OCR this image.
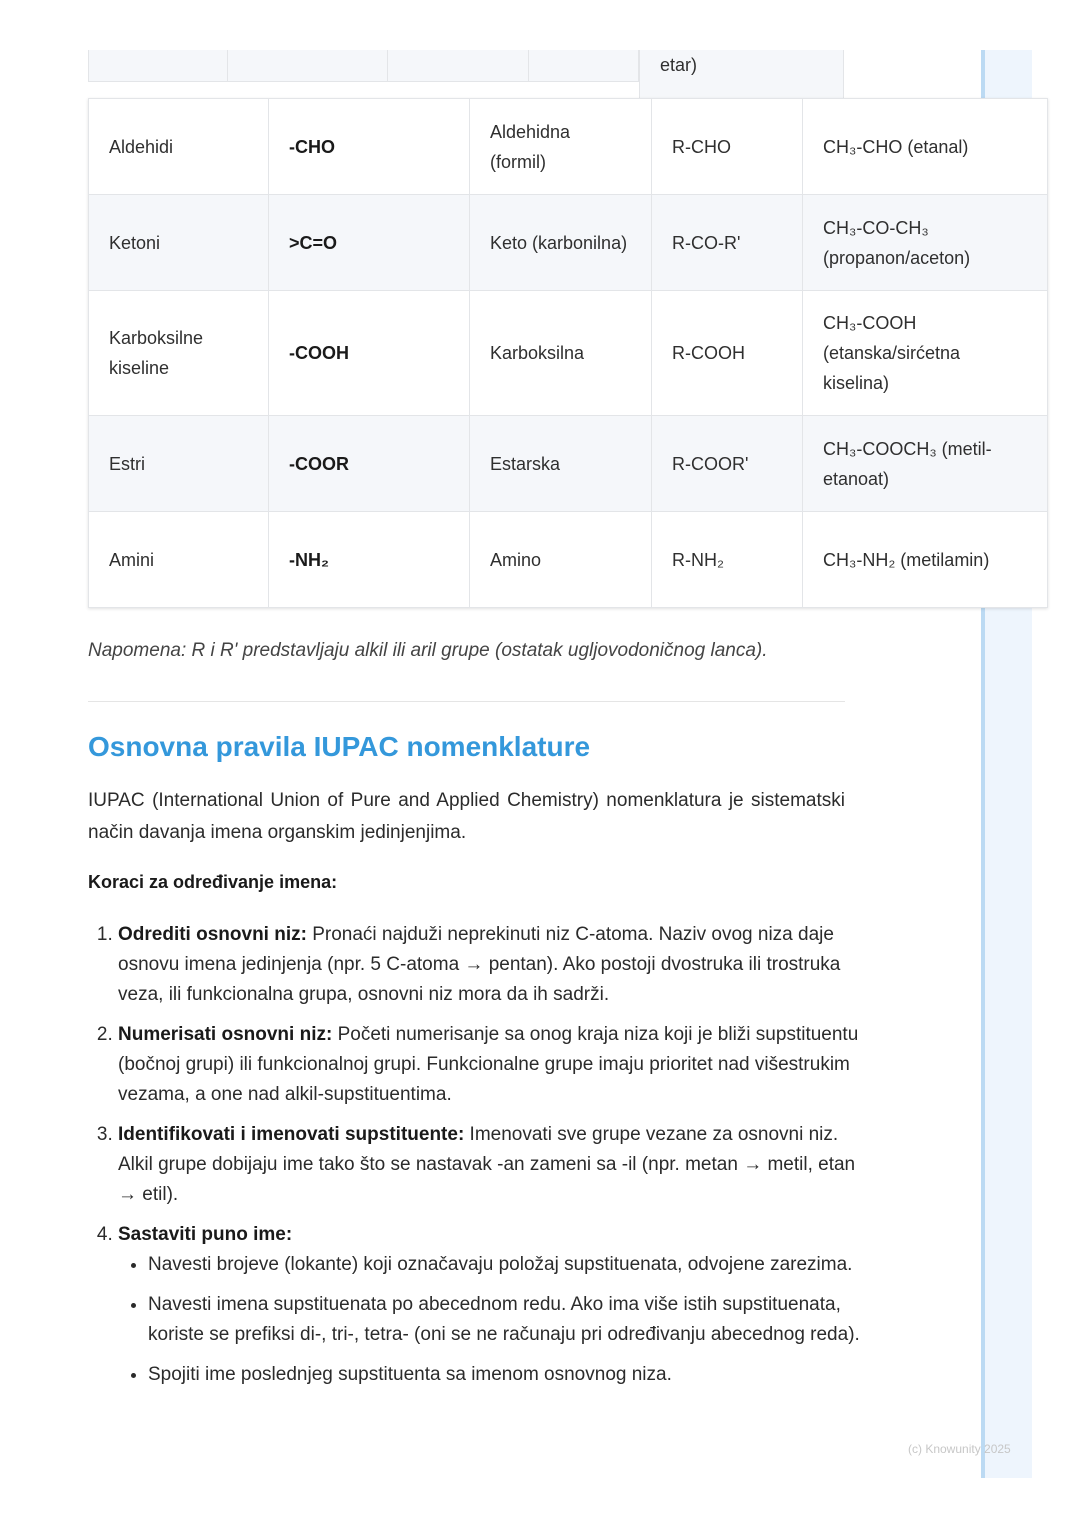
(c) Knowunity 2025
etar)
Aldehidi	-CHO	Aldehidna (formil)	R-CHO	CH₃-CHO (etanal)
Ketoni	>C=O	Keto (karbonilna)	R-CO-R'	CH₃-CO-CH₃ (propanon/aceton)
Karboksilne kiseline	-COOH	Karboksilna	R-COOH	CH₃-COOH (etanska/sirćetna kiselina)
Estri	-COOR	Estarska	R-COOR'	CH₃-COOCH₃ (metil-etanoat)
Amini	-NH₂	Amino	R-NH₂	CH₃-NH₂ (metilamin)
Napomena: R i R' predstavljaju alkil ili aril grupe (ostatak ugljovodoničnog lanca).
Osnovna pravila IUPAC nomenklature

IUPAC (International Union of Pure and Applied Chemistry) nomenklatura je sistematski način davanja imena organskim jedinjenjima.

Koraci za određivanje imena:
1. Odrediti osnovni niz: Pronaći najduži neprekinuti niz C-atoma. Naziv ovog niza daje osnovu imena jedinjenja (npr. 5 C-atoma → pentan). Ako postoji dvostruka ili trostruka veza, ili funkcionalna grupa, osnovni niz mora da ih sadrži.
2. Numerisati osnovni niz: Početi numerisanje sa onog kraja niza koji je bliži supstituentu (bočnoj grupi) ili funkcionalnoj grupi. Funkcionalne grupe imaju prioritet nad višestrukim vezama, a one nad alkil-supstituentima.
3. Identifikovati i imenovati supstituente: Imenovati sve grupe vezane za osnovni niz. Alkil grupe dobijaju ime tako što se nastavak -an zameni sa -il (npr. metan → metil, etan → etil).
4. Sastaviti puno ime:
• Navesti brojeve (lokante) koji označavaju položaj supstituenata, odvojene zarezima.
• Navesti imena supstituenata po abecednom redu. Ako ima više istih supstituenata, koriste se prefiksi di-, tri-, tetra- (oni se ne računaju pri određivanju abecednog reda).
• Spojiti ime poslednjeg supstituenta sa imenom osnovnog niza.
